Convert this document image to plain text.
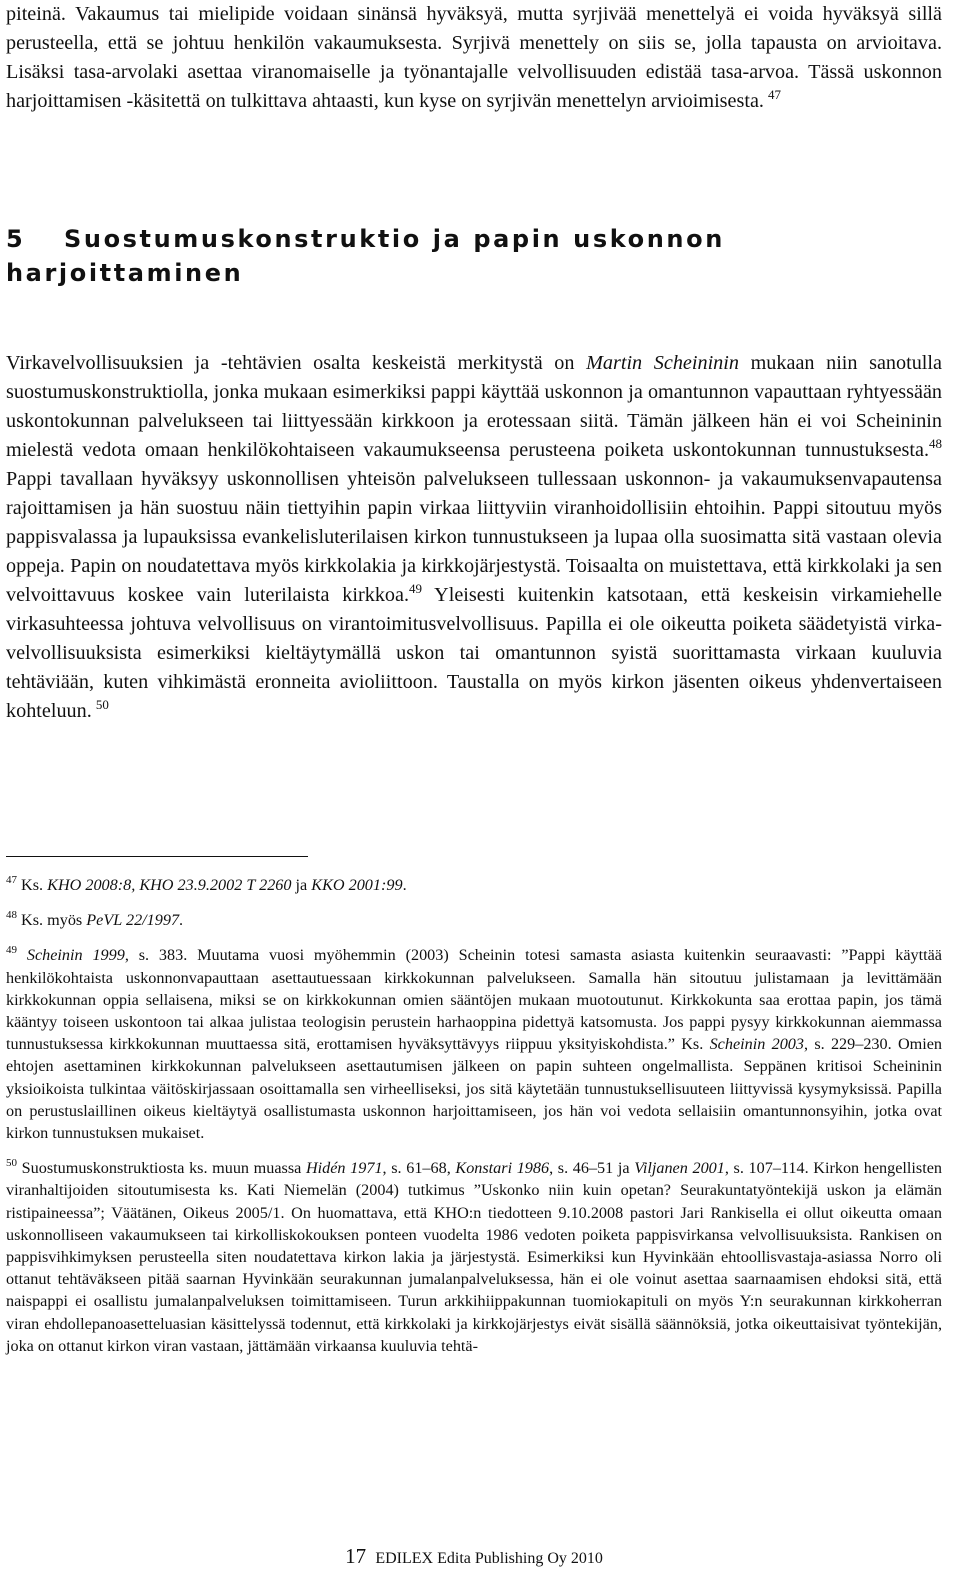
piteinä. Vakaumus tai mielipide voidaan sinänsä hyväksyä, mutta syrjivää menettelyä ei voida hyväksyä sillä perusteella, että se johtuu henkilön vakaumuksesta. Syrjivä menettely on siis se, jolla tapausta on arvioitava. Lisäksi tasa-arvolaki asettaa viranomaiselle ja työnantajalle velvollisuuden edistää tasa-arvoa. Tässä uskonnon harjoittamisen -käsitettä on tulkittava ahtaasti, kun kyse on syrjivän menettelyn arvioimisesta.  $^{47}$

5 Suostumuskonstruktio ja papin uskonnon harjoittaminen

Virkavelvollisuuksien ja -tehtävien osalta keskeistä merkitystä on Martin Scheininin mukaan niin sanotulla suostumuskonstruktiolla, jonka mukaan esimerkiksi pappi käyttää uskonnon ja omantunnon vapauttaan ryhtyessään uskontokunnan palvelukseen tai liittyessään kirkkoon ja erotessaan siitä. Tämän jälkeen hän ei voi Scheininin mielestä vedota omaan henkilökohtaiseen vakaumukseensa perusteena poiketa uskontokunnan tunnustuksesta.$^{48}$ Pappi tavallaan hyväksyy uskonnollisen yhteisön palvelukseen tullessaan uskonnon- ja vakaumuksenvapautensa rajoittamisen ja hän suostuu näin tiettyihin papin virkaa liittyviin viranhoidollisiin ehtoihin. Pappi sitoutuu myös pappisvalassa ja lupauksissa evankelisluterilaisen kirkon tunnustukseen ja lupaa olla suosimatta sitä vastaan olevia oppeja. Papin on noudatettava myös kirkkolakia ja kirkkojärjestystä. Toisaalta on muistettava, että kirkkolaki ja sen velvoittavuus koskee vain luterilaista kirkkoa.$^{49}$ Yleisesti kuitenkin katsotaan, että keskeisin virkamiehelle virkasuhteessa johtuva velvollisuus on virantoimitusvelvollisuus. Papilla ei ole oikeutta poiketa säädetyistä virka-velvollisuuksista esimerkiksi kieltäytymällä uskon tai omantunnon syistä suorittamasta virkaan kuuluvia tehtäviään, kuten vihkimästä eronneita avioliittoon. Taustalla on myös kirkon jäsenten oikeus yhdenvertaiseen kohteluun.  $^{50}$

$^{47}$ Ks. KHO 2008:8, KHO 23.9.2002 T 2260 ja KKO 2001:99.

$^{48}$ Ks. myös PeVL 22/1997.

$^{49}$ Scheinin 1999, s. 383. Muutama vuosi myöhemmin (2003) Scheinin totesi samasta asiasta kuitenkin seuraavasti: ”Pappi käyttää henkilökohtaista uskonnonvapauttaan asettautuessaan kirkkokunnan palvelukseen. Samalla hän sitoutuu julistamaan ja levittämään kirkkokunnan oppia sellaisena, miksi se on kirkkokunnan omien sääntöjen mukaan muotoutunut. Kirkkokunta saa erottaa papin, jos tämä kääntyy toiseen uskontoon tai alkaa julistaa teologisin perustein harhaoppina pidettyä katsomusta. Jos pappi pysyy kirkkokunnan aiemmassa tunnustuksessa kirkkokunnan muuttaessa sitä, erottamisen hyväksyttävyys riippuu yksityiskohdista.” Ks. Scheinin 2003, s. 229–230. Omien ehtojen asettaminen kirkkokunnan palvelukseen asettautumisen jälkeen on papin suhteen ongelmallista. Seppänen kritisoi Scheininin yksioikoista tulkintaa väitöskirjassaan osoittamalla sen virheelliseksi, jos sitä käytetään tunnustuksellisuuteen liittyvissä kysymyksissä. Papilla on perustuslaillinen oikeus kieltäytyä osallistumasta uskonnon harjoittamiseen, jos hän voi vedota sellaisiin omantunnonsyihin, jotka ovat kirkon tunnustuksen mukaiset.

$^{50}$ Suostumuskonstruktiosta ks. muun muassa Hidén 1971, s. 61–68, Konstari 1986, s. 46–51 ja Viljanen 2001, s. 107–114. Kirkon hengellisten viranhaltijoiden sitoutumisesta ks. Kati Niemelän (2004) tutkimus ”Uskonko niin kuin opetan? Seurakuntatyöntekijä uskon ja elämän ristipaineessa”; Väätänen, Oikeus 2005/1. On huomattava, että KHO:n tiedotteen 9.10.2008 pastori Jari Rankisella ei ollut oikeutta omaan uskonnolliseen vakaumukseen tai kirkolliskokouksen ponteen vuodelta 1986 vedoten poiketa pappisvirkansa velvollisuuksista. Rankisen on pappisvihkimyksen perusteella siten noudatettava kirkon lakia ja järjestystä. Esimerkiksi kun Hyvinkään ehtoollisvastaja-asiassa Norro oli ottanut tehtäväkseen pitää saarnan Hyvinkään seurakunnan jumalanpalveluksessa, hän ei ole voinut asettaa saarnaamisen ehdoksi sitä, että naispappi ei osallistu jumalanpalveluksen toimittamiseen. Turun arkkihiippakunnan tuomiokapituli on myös Y:n seurakunnan kirkkoherran viran ehdollepanoasetteluasian käsittelyssä todennut, että kirkkolaki ja kirkkojärjestys eivät sisällä säännöksiä, jotka oikeuttaisivat työntekijän, joka on ottanut kirkon viran vastaan, jättämään virkaansa kuuluvia tehtä-

17 EDILEX Edita Publishing Oy 2010
